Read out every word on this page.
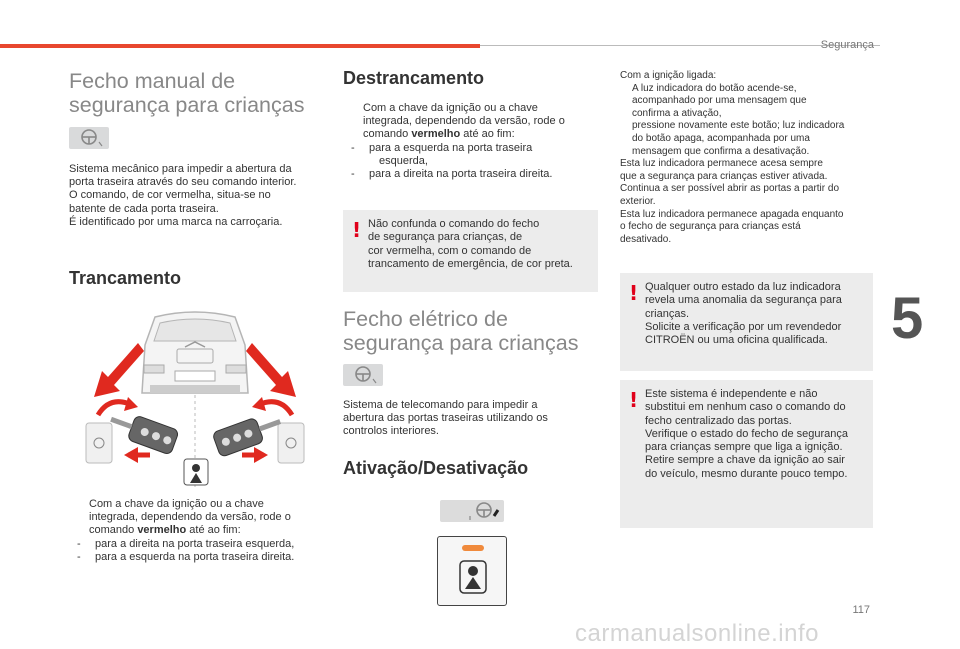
Segurança
5
117
carmanualsonline.info
Fecho manual de
segurança para crianças
Sistema mecânico para impedir a abertura da
porta traseira através do seu comando interior.
O comando, de cor vermelha, situa-se no
batente de cada porta traseira.
É identificado por uma marca na carroçaria.
Trancamento
Com a chave da ignição ou a chave
integrada, dependendo da versão, rode o
comando vermelho até ao fim:
- para a direita na porta traseira esquerda,
- para a esquerda na porta traseira direita.
Destrancamento
Com a chave da ignição ou a chave
integrada, dependendo da versão, rode o
comando vermelho até ao fim:
- para a esquerda na porta traseira
esquerda,
- para a direita na porta traseira direita.
! Não confunda o comando do fecho
de segurança para crianças, de
cor vermelha, com o comando de
trancamento de emergência, de cor preta.
Fecho elétrico de
segurança para crianças
Sistema de telecomando para impedir a
abertura das portas traseiras utilizando os
controlos interiores.
Ativação/Desativação
Com a ignição ligada:
A luz indicadora do botão acende-se,
acompanhado por uma mensagem que
confirma a ativação,
pressione novamente este botão; luz indicadora
do botão apaga, acompanhada por uma
mensagem que confirma a desativação.
Esta luz indicadora permanece acesa sempre
que a segurança para crianças estiver ativada.
Continua a ser possível abrir as portas a partir do
exterior.
Esta luz indicadora permanece apagada enquanto
o fecho de segurança para crianças está
desativado.
! Qualquer outro estado da luz indicadora
revela uma anomalia da segurança para
crianças.
Solicite a verificação por um revendedor
CITROËN ou uma oficina qualificada.
! Este sistema é independente e não
substitui em nenhum caso o comando do
fecho centralizado das portas.
Verifique o estado do fecho de segurança
para crianças sempre que liga a ignição.
Retire sempre a chave da ignição ao sair
do veículo, mesmo durante pouco tempo.
